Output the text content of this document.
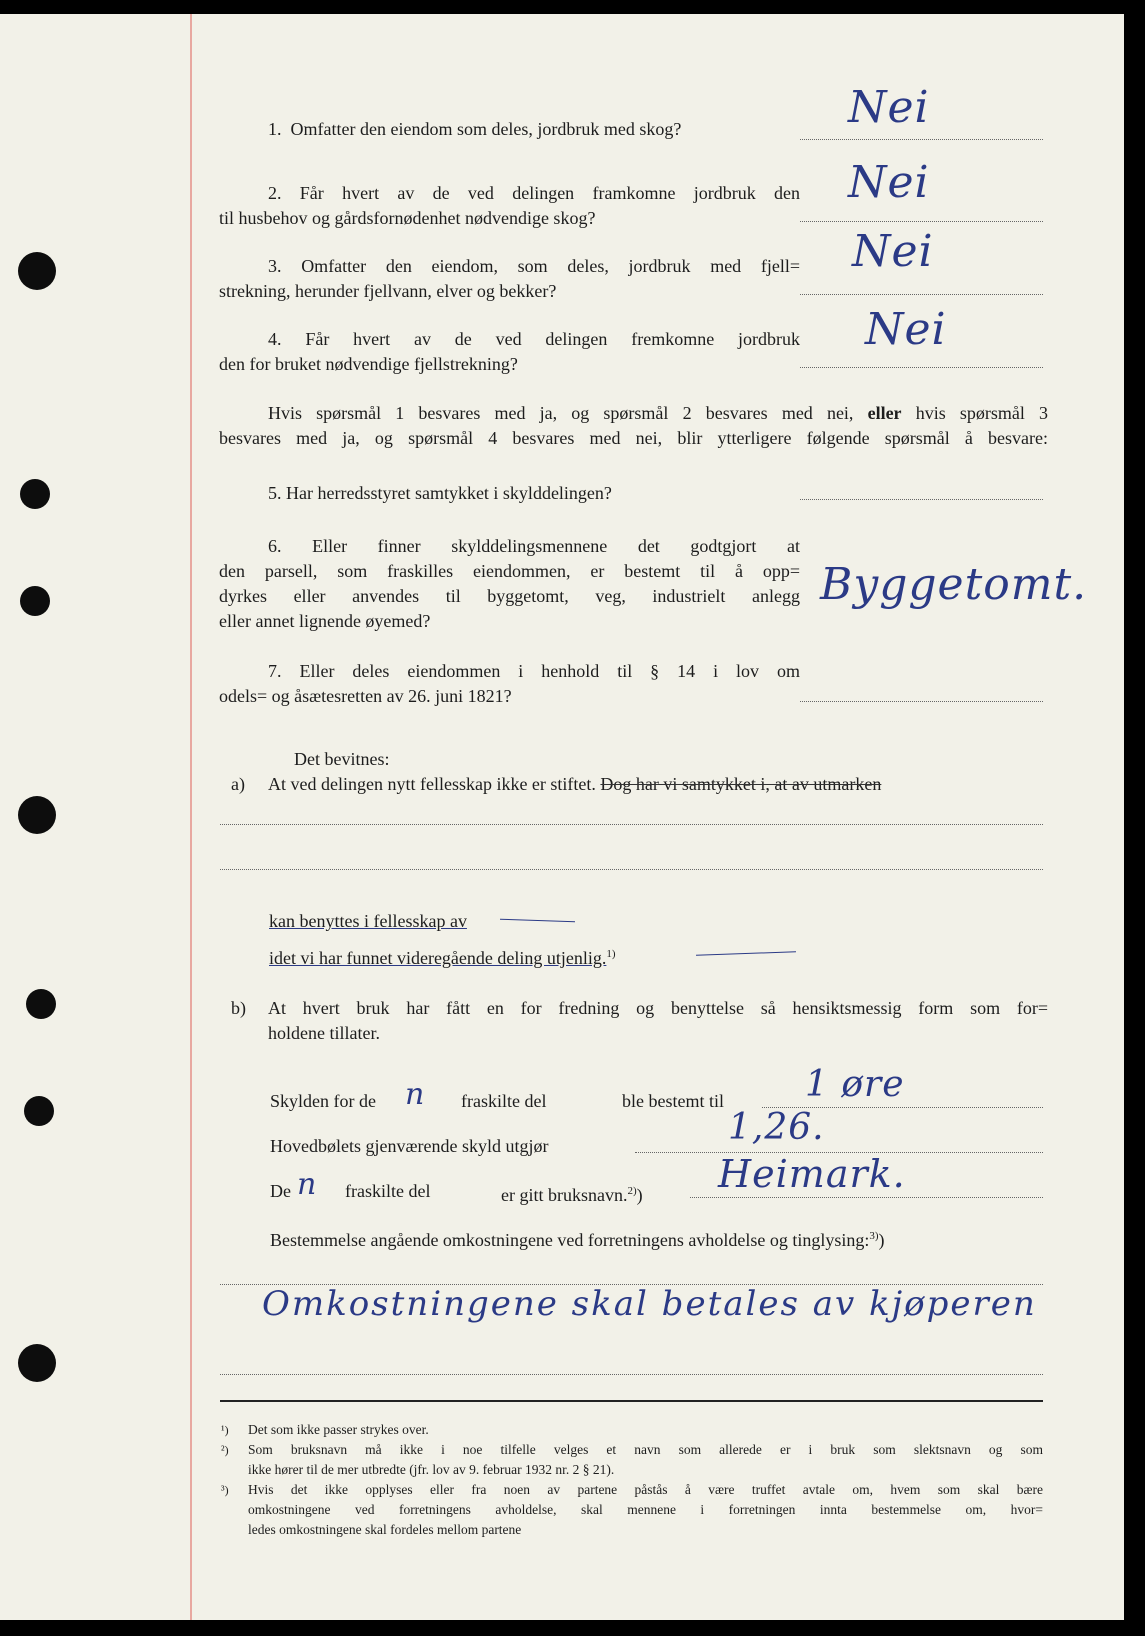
1. Omfatter den eiendom som deles, jordbruk med skog?	Nei
2. Får hvert av de ved delingen framkomne jordbruk den
til husbehov og gårdsfornødenhet nødvendige skog?
Nei
3. Omfatter den eiendom, som deles, jordbruk med fjell=
strekning, herunder fjellvann, elver og bekker?
Nei
4. Får hvert av de ved delingen fremkomne jordbruk
den for bruket nødvendige fjellstrekning?
Nei
Hvis spørsmål 1 besvares med ja, og spørsmål 2 besvares med nei, eller hvis spørsmål 3
besvares med ja, og spørsmål 4 besvares med nei, blir ytterligere følgende spørsmål å besvare:
5. Har herredsstyret samtykket i skylddelingen?
6. Eller finner skylddelingsmennene det godtgjort at
den parsell, som fraskilles eiendommen, er bestemt til å opp=
dyrkes eller anvendes til byggetomt, veg, industrielt anlegg
eller annet lignende øyemed?
Byggetomt.
7. Eller deles eiendommen i henhold til § 14 i lov om
odels= og åsætesretten av 26. juni 1821?
Det bevitnes:
a) At ved delingen nytt fellesskap ikke er stiftet. Dog har vi samtykket i, at av utmarken
kan benyttes i fellesskap av
idet vi har funnet videregående deling utjenlig.$^{1)}$
b) At hvert bruk har fått en for fredning og benyttelse så hensiktsmessig form som for=
holdene tillater.
Skylden for de n fraskilte del	ble bestemt til 1 øre
Hovedbølets gjenværende skyld utgjør	1,26.
De n fraskilte del	er gitt bruksnavn.$^{2)}$) Heimark.
Bestemmelse angående omkostningene ved forretningens avholdelse og tinglysing:$^{3)}$)
Omkostningene skal betales av kjøperen
¹) Det som ikke passer strykes over.
²) Som bruksnavn må ikke i noe tilfelle velges et navn som allerede er i bruk som slektsnavn og som
ikke hører til de mer utbredte (jfr. lov av 9. februar 1932 nr. 2 § 21).
³) Hvis det ikke opplyses eller fra noen av partene påstås å være truffet avtale om, hvem som skal bære
omkostningene ved forretningens avholdelse, skal mennene i forretningen innta bestemmelse om, hvor=
ledes omkostningene skal fordeles mellom partene
